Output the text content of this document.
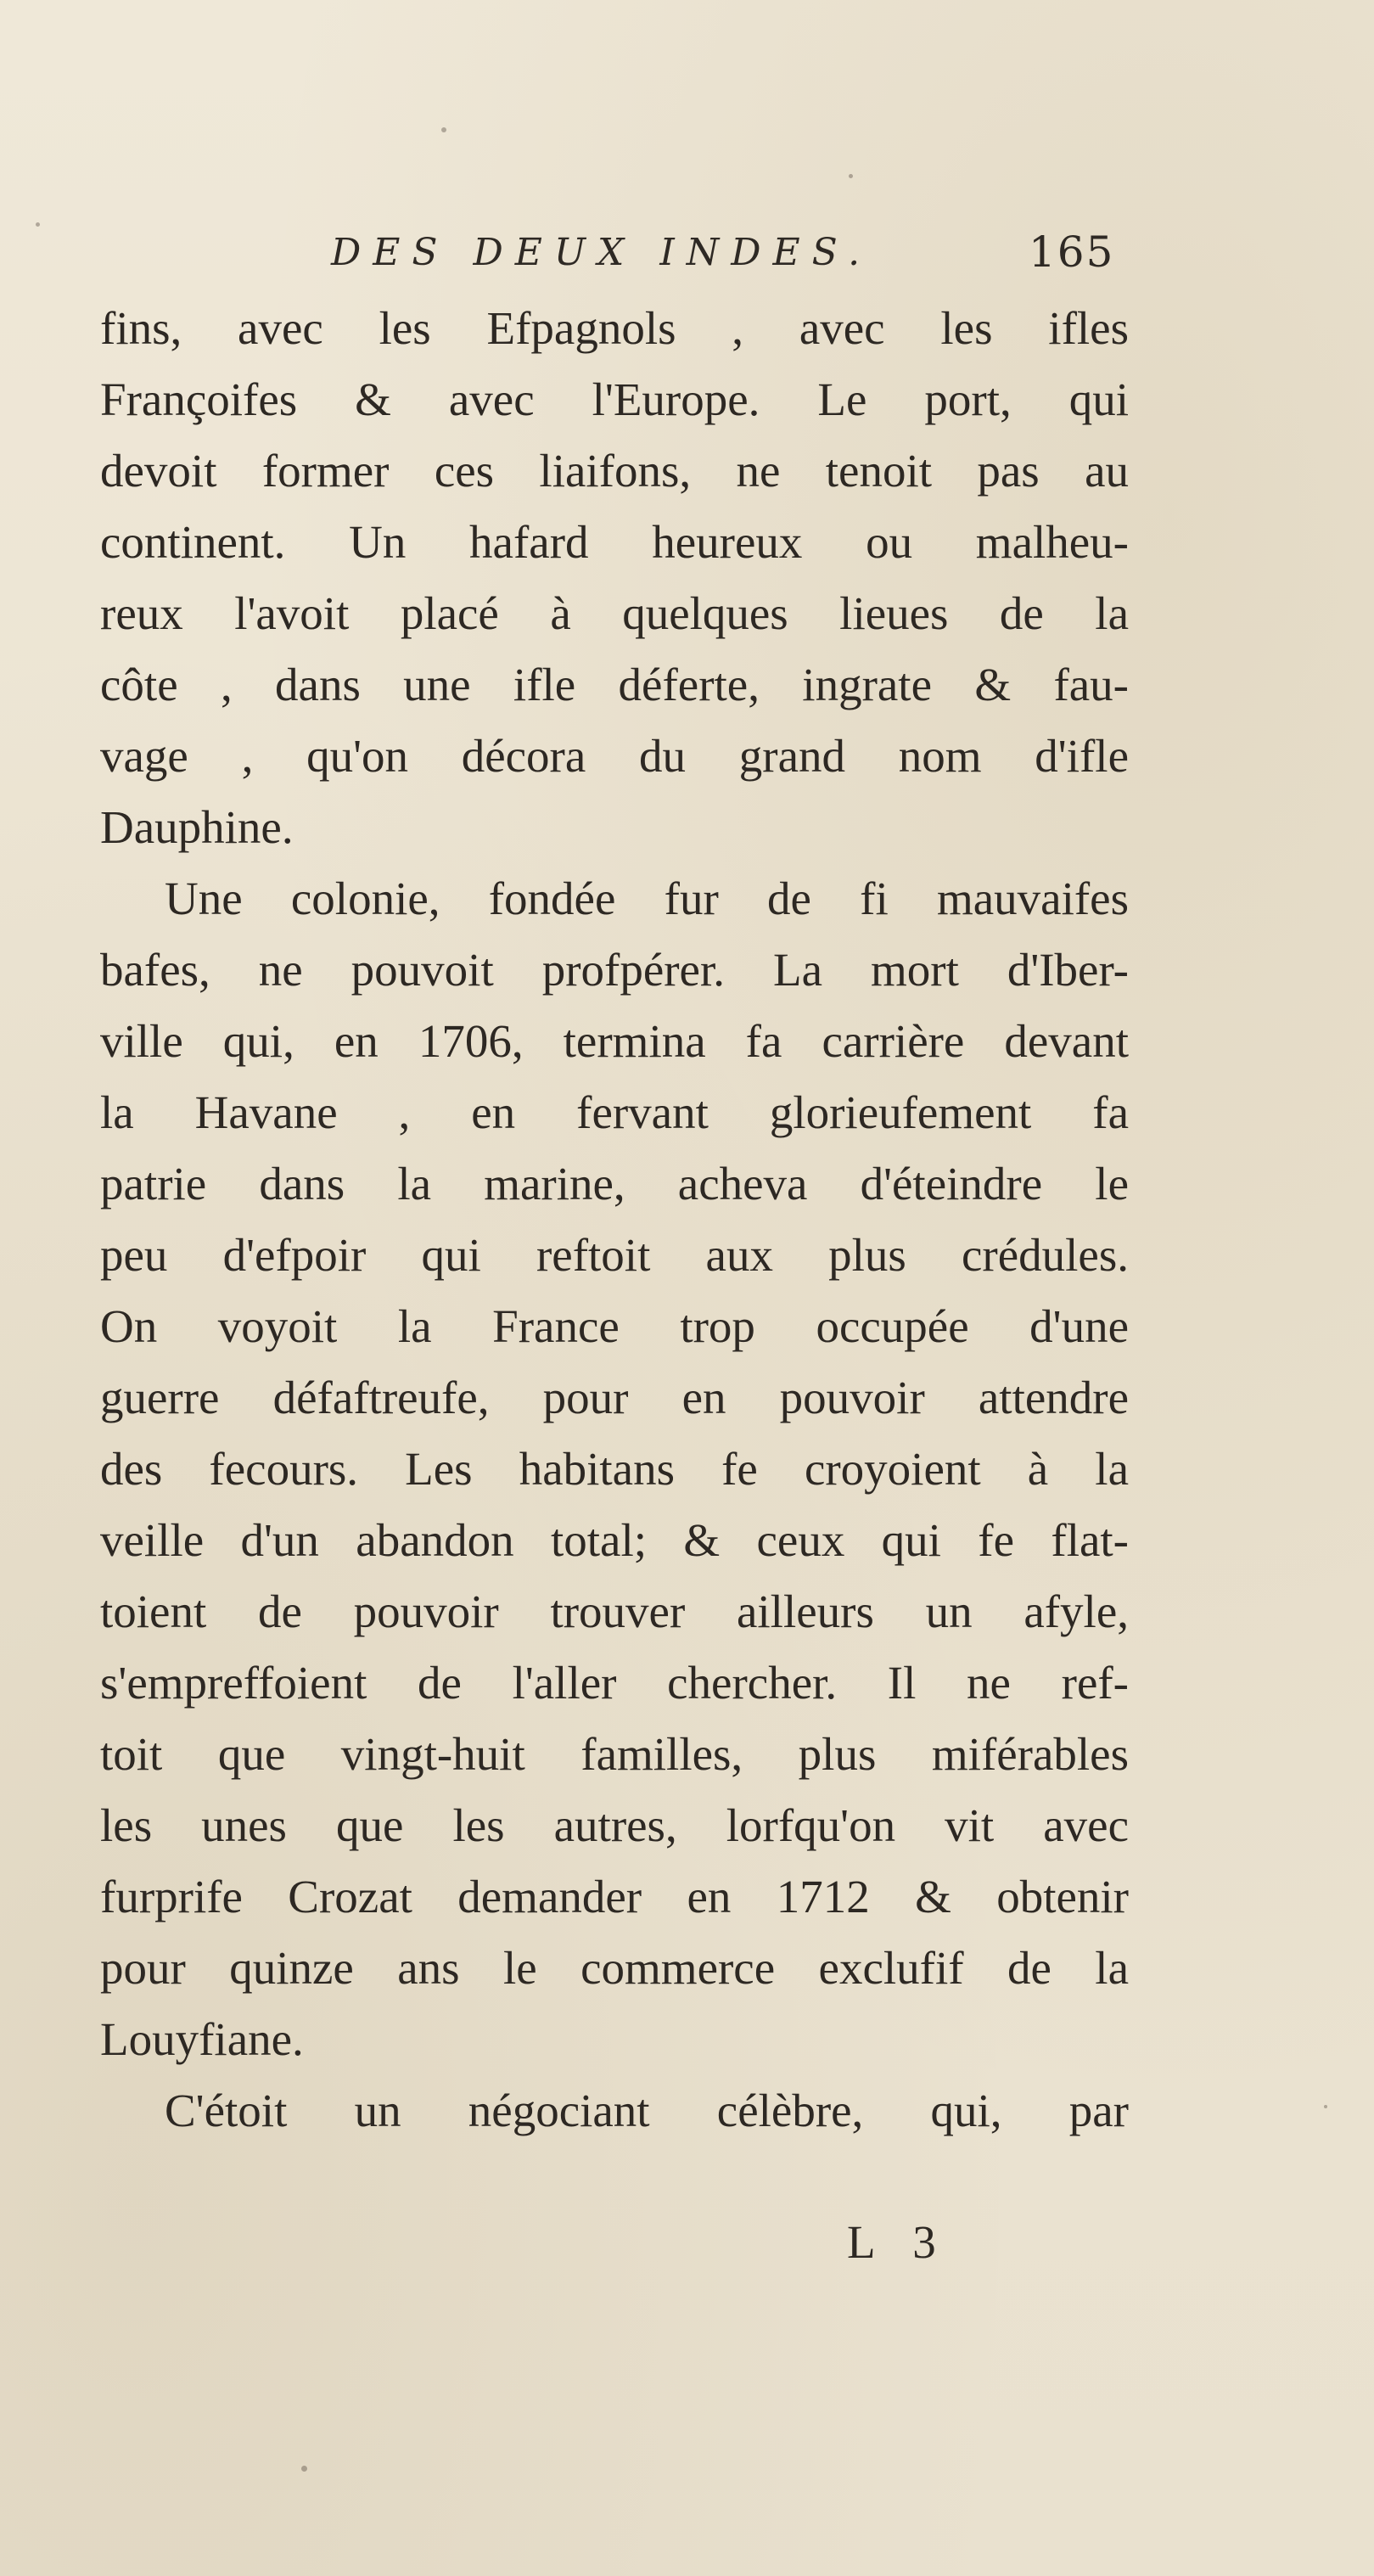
DES DEUX INDES.	165
fins, avec les Efpagnols , avec les ifles
Françoifes & avec l'Europe. Le port, qui
devoit former ces liaifons, ne tenoit pas au
continent. Un hafard heureux ou malheu-
reux l'avoit placé à quelques lieues de la
côte , dans une ifle déferte, ingrate & fau-
vage , qu'on décora du grand nom d'ifle
Dauphine.
Une colonie, fondée fur de fi mauvaifes
bafes, ne pouvoit profpérer. La mort d'Iber-
ville qui, en 1706, termina fa carrière devant
la Havane , en fervant glorieufement fa
patrie dans la marine, acheva d'éteindre le
peu d'efpoir qui reftoit aux plus crédules.
On voyoit la France trop occupée d'une
guerre défaftreufe, pour en pouvoir attendre
des fecours. Les habitans fe croyoient à la
veille d'un abandon total; & ceux qui fe flat-
toient de pouvoir trouver ailleurs un afyle,
s'empreffoient de l'aller chercher. Il ne ref-
toit que vingt-huit familles, plus miférables
les unes que les autres, lorfqu'on vit avec
furprife Crozat demander en 1712 & obtenir
pour quinze ans le commerce exclufif de la
Louyfiane.
C'étoit un négociant célèbre, qui, par
L 3
